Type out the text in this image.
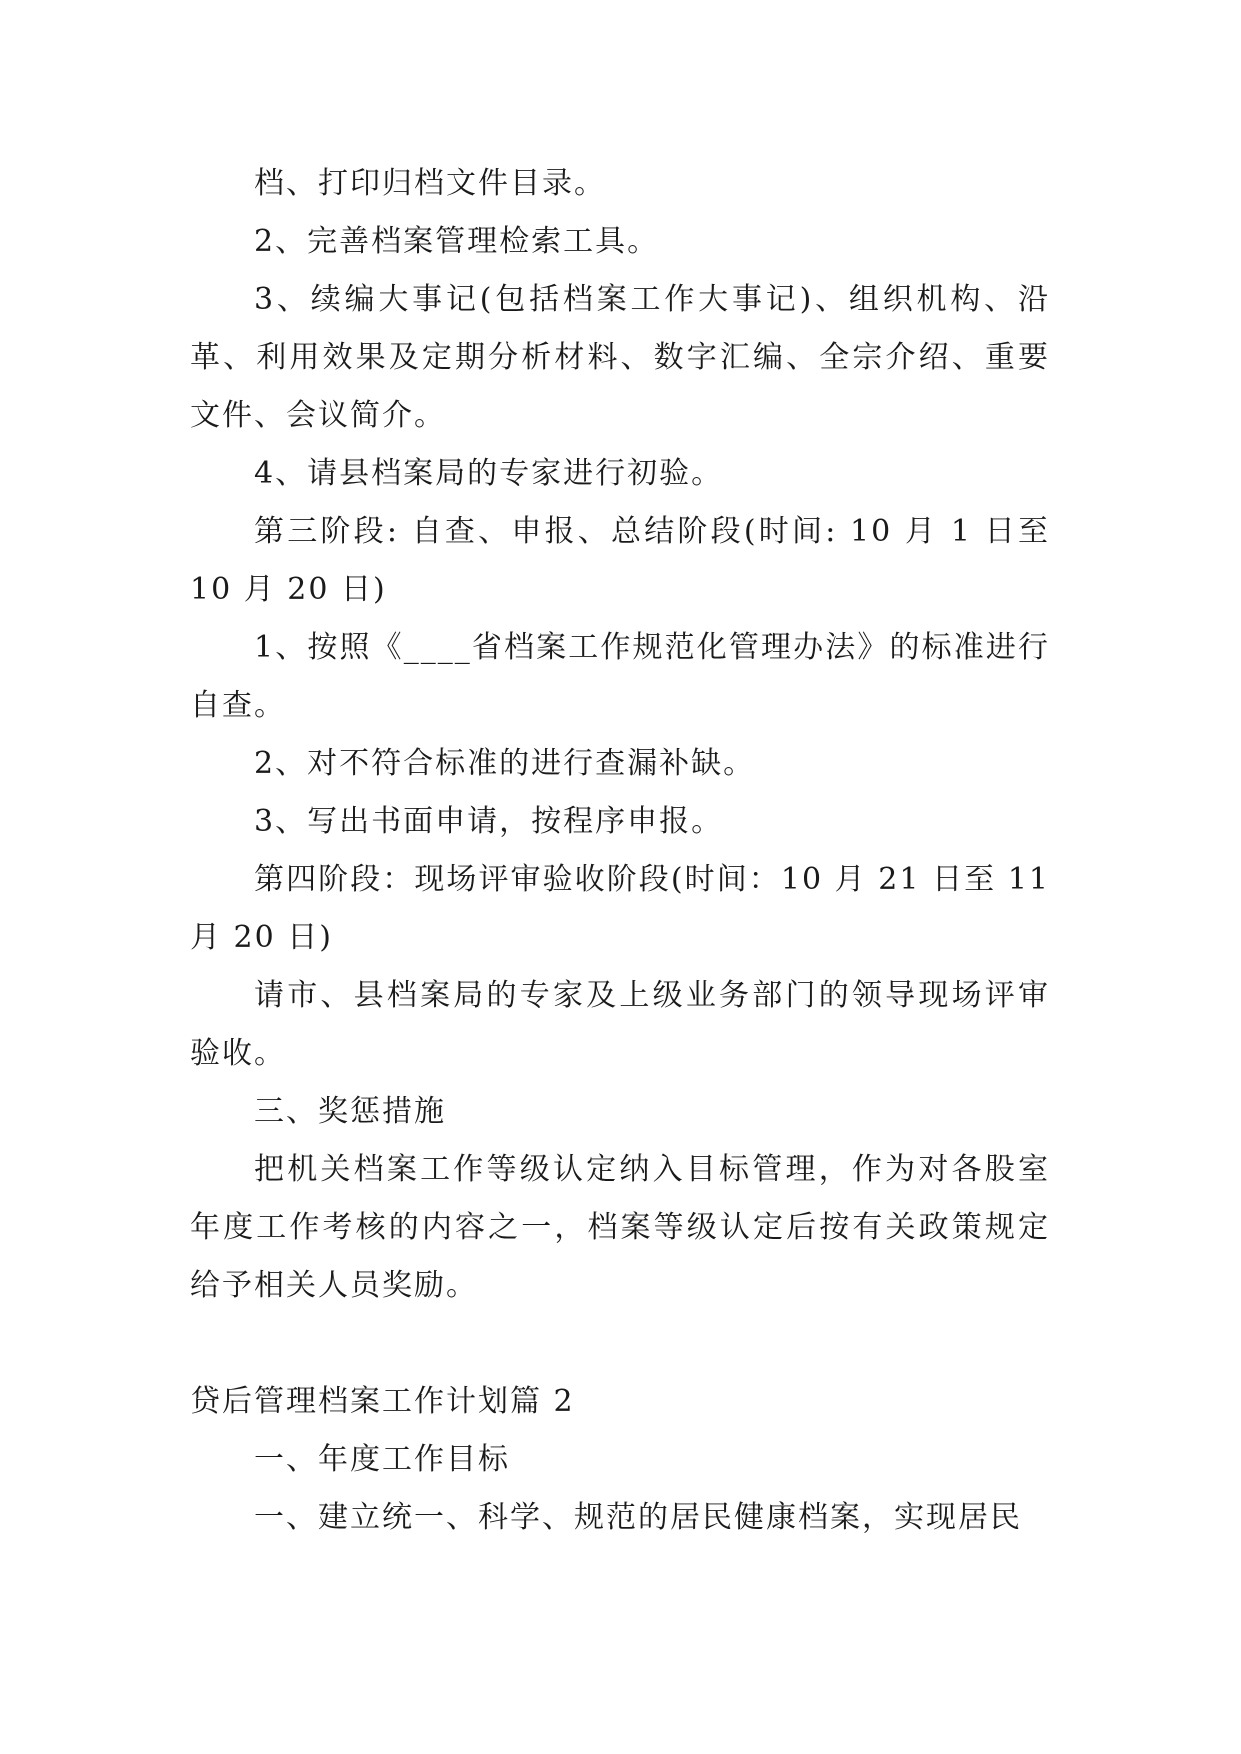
档、打印归档文件目录。

2、完善档案管理检索工具。

3、续编大事记(包括档案工作大事记)、组织机构、沿革、利用效果及定期分析材料、数字汇编、全宗介绍、重要文件、会议简介。

4、请县档案局的专家进行初验。

第三阶段: 自查、申报、总结阶段(时间: 10 月 1 日至 10 月 20 日)

1、按照《____省档案工作规范化管理办法》的标准进行自查。

2、对不符合标准的进行查漏补缺。

3、写出书面申请，按程序申报。

第四阶段：现场评审验收阶段(时间：10 月 21 日至 11 月 20 日)

请市、县档案局的专家及上级业务部门的领导现场评审验收。

三、奖惩措施

把机关档案工作等级认定纳入目标管理，作为对各股室年度工作考核的内容之一，档案等级认定后按有关政策规定给予相关人员奖励。

贷后管理档案工作计划篇 2

一、年度工作目标

一、建立统一、科学、规范的居民健康档案，实现居民
